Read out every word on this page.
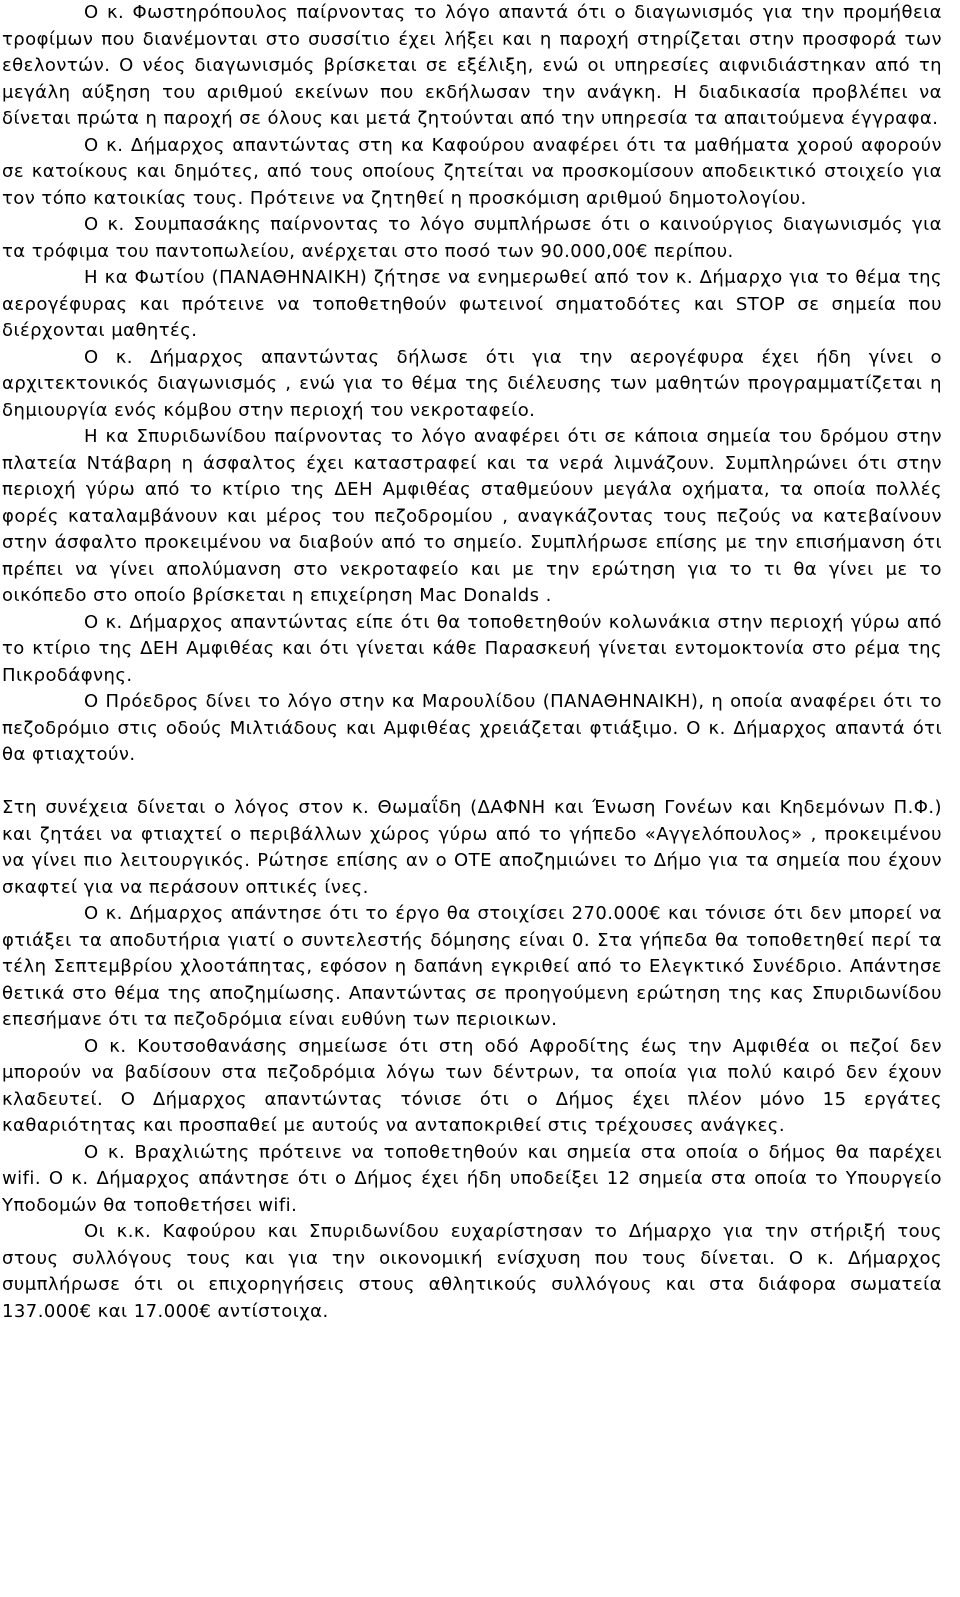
Ο κ. Φωστηρόπουλος παίρνοντας το λόγο απαντά ότι ο διαγωνισμός για την προμήθεια τροφίμων που διανέμονται στο συσσίτιο έχει λήξει και η παροχή στηρίζεται στην προσφορά των εθελοντών. Ο νέος διαγωνισμός βρίσκεται σε εξέλιξη, ενώ οι υπηρεσίες αιφνιδιάστηκαν από τη μεγάλη αύξηση του αριθμού εκείνων που εκδήλωσαν την ανάγκη. Η διαδικασία προβλέπει να δίνεται πρώτα η παροχή σε όλους και μετά ζητούνται από την υπηρεσία τα απαιτούμενα έγγραφα.

Ο κ. Δήμαρχος απαντώντας στη κα Καφούρου αναφέρει ότι τα μαθήματα χορού αφορούν σε κατοίκους και δημότες, από τους οποίους ζητείται να προσκομίσουν αποδεικτικό στοιχείο για τον τόπο κατοικίας τους. Πρότεινε να ζητηθεί η προσκόμιση αριθμού δημοτολογίου.

Ο κ. Σουμπασάκης παίρνοντας το λόγο συμπλήρωσε ότι ο καινούργιος διαγωνισμός για τα τρόφιμα του παντοπωλείου, ανέρχεται στο ποσό των 90.000,00€ περίπου.

Η κα Φωτίου (ΠΑΝΑΘΗΝΑΙΚΗ) ζήτησε να ενημερωθεί από τον κ. Δήμαρχο για το θέμα της αερογέφυρας και πρότεινε να τοποθετηθούν φωτεινοί σηματοδότες και STOP σε σημεία που διέρχονται μαθητές.

Ο κ. Δήμαρχος απαντώντας δήλωσε ότι για την αερογέφυρα έχει ήδη γίνει ο αρχιτεκτονικός διαγωνισμός , ενώ για το θέμα της διέλευσης των μαθητών προγραμματίζεται η δημιουργία ενός κόμβου στην περιοχή του νεκροταφείο.

Η κα Σπυριδωνίδου παίρνοντας το λόγο αναφέρει ότι σε κάποια σημεία του δρόμου στην πλατεία Ντάβαρη η άσφαλτος έχει καταστραφεί και τα νερά λιμνάζουν. Συμπληρώνει ότι στην περιοχή γύρω από το κτίριο της ΔΕΗ Αμφιθέας σταθμεύουν μεγάλα οχήματα, τα οποία πολλές φορές καταλαμβάνουν και μέρος του πεζοδρομίου , αναγκάζοντας τους πεζούς να κατεβαίνουν στην άσφαλτο προκειμένου να διαβούν από το σημείο. Συμπλήρωσε επίσης με την επισήμανση ότι πρέπει να γίνει απολύμανση στο νεκροταφείο και με την ερώτηση για το τι θα γίνει με το οικόπεδο στο οποίο βρίσκεται η επιχείρηση Mac Donalds .

Ο κ. Δήμαρχος απαντώντας είπε ότι θα τοποθετηθούν κολωνάκια στην περιοχή γύρω από το κτίριο της ΔΕΗ Αμφιθέας και ότι γίνεται κάθε Παρασκευή γίνεται εντομοκτονία στο ρέμα της Πικροδάφνης.

Ο Πρόεδρος δίνει το λόγο στην κα Μαρουλίδου (ΠΑΝΑΘΗΝΑΙΚΗ), η οποία αναφέρει ότι το πεζοδρόμιο στις οδούς Μιλτιάδους και Αμφιθέας χρειάζεται φτιάξιμο. Ο κ. Δήμαρχος απαντά ότι θα φτιαχτούν.

Στη συνέχεια δίνεται ο λόγος στον κ. Θωμαΐδη (ΔΑΦΝΗ και Ένωση Γονέων και Κηδεμόνων Π.Φ.) και ζητάει να φτιαχτεί ο περιβάλλων χώρος γύρω από το γήπεδο «Αγγελόπουλος» , προκειμένου να γίνει πιο λειτουργικός. Ρώτησε επίσης αν ο ΟΤΕ αποζημιώνει το Δήμο για τα σημεία που έχουν σκαφτεί για να περάσουν οπτικές ίνες.

Ο κ. Δήμαρχος απάντησε ότι το έργο θα στοιχίσει 270.000€ και τόνισε ότι δεν μπορεί να φτιάξει τα αποδυτήρια γιατί ο συντελεστής δόμησης είναι 0. Στα γήπεδα θα τοποθετηθεί περί τα τέλη Σεπτεμβρίου χλοοτάπητας, εφόσον η δαπάνη εγκριθεί από το Ελεγκτικό Συνέδριο. Απάντησε θετικά στο θέμα της αποζημίωσης. Απαντώντας σε προηγούμενη ερώτηση της κας Σπυριδωνίδου επεσήμανε ότι τα πεζοδρόμια είναι ευθύνη των περιοικων.

Ο κ. Κουτσοθανάσης σημείωσε ότι στη οδό Αφροδίτης έως την Αμφιθέα οι πεζοί δεν μπορούν να βαδίσουν στα πεζοδρόμια λόγω των δέντρων, τα οποία για πολύ καιρό δεν έχουν κλαδευτεί. Ο Δήμαρχος απαντώντας τόνισε ότι ο Δήμος έχει πλέον μόνο 15 εργάτες καθαριότητας και προσπαθεί με αυτούς να ανταποκριθεί στις τρέχουσες ανάγκες.

Ο κ. Βραχλιώτης πρότεινε να τοποθετηθούν και σημεία στα οποία ο δήμος θα παρέχει wifi. Ο κ. Δήμαρχος απάντησε ότι ο Δήμος έχει ήδη υποδείξει 12 σημεία στα οποία το Υπουργείο Υποδομών θα τοποθετήσει wifi.

Οι κ.κ. Καφούρου και Σπυριδωνίδου ευχαρίστησαν το Δήμαρχο για την στήριξή τους στους συλλόγους τους και για την οικονομική ενίσχυση που τους δίνεται. Ο κ. Δήμαρχος συμπλήρωσε ότι οι επιχορηγήσεις στους αθλητικούς συλλόγους και στα διάφορα σωματεία 137.000€ και 17.000€ αντίστοιχα.
